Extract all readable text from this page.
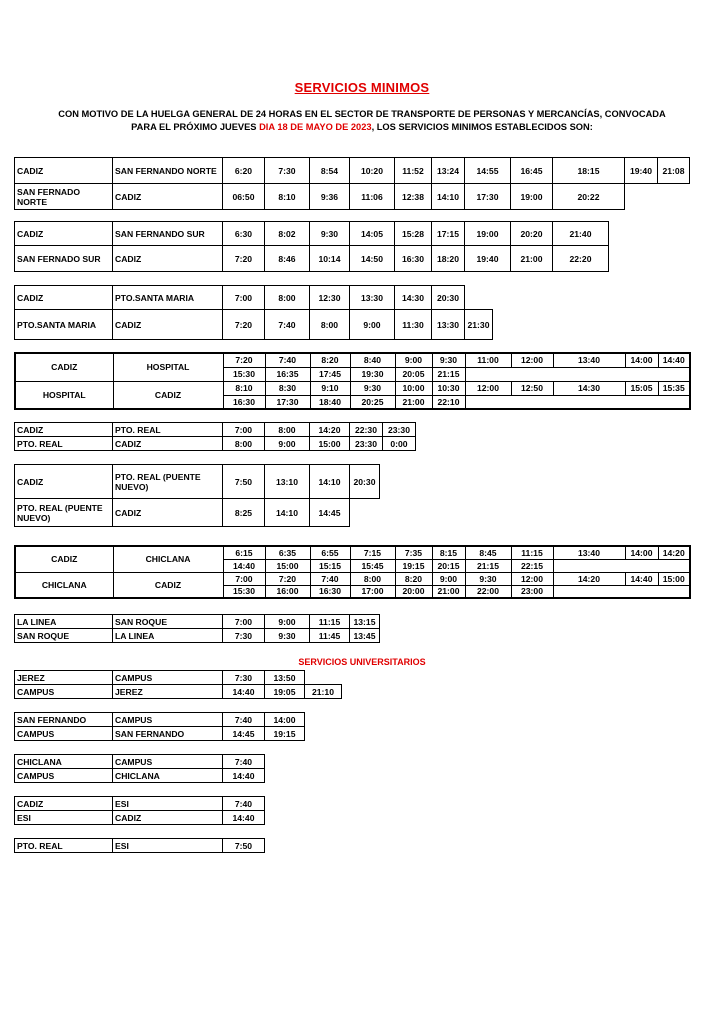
SERVICIOS MINIMOS
CON MOTIVO DE LA HUELGA GENERAL DE 24 HORAS EN EL SECTOR DE TRANSPORTE DE PERSONAS Y MERCANCÍAS, CONVOCADA
PARA EL PRÓXIMO JUEVES DIA 18 DE MAYO DE 2023, LOS SERVICIOS MINIMOS ESTABLECIDOS SON:
CADIZ	SAN FERNANDO NORTE	6:20	7:30	8:54	10:20	11:52	13:24	14:55	16:45	18:15	19:40	21:08
SAN FERNADO NORTE	CADIZ	06:50	8:10	9:36	11:06	12:38	14:10	17:30	19:00	20:22		
CADIZ	SAN FERNANDO SUR	6:30	8:02	9:30	14:05	15:28	17:15	19:00	20:20	21:40
SAN FERNADO SUR	CADIZ	7:20	8:46	10:14	14:50	16:30	18:20	19:40	21:00	22:20
CADIZ	PTO.SANTA MARIA	7:00	8:00	12:30	13:30	14:30	20:30	
PTO.SANTA MARIA	CADIZ	7:20	7:40	8:00	9:00	11:30	13:30	21:30
CADIZ	HOSPITAL	7:20	7:40	8:20	8:40	9:00	9:30	11:00	12:00	13:40	14:00	14:40
		15:30	16:35	17:45	19:30	20:05	21:15					
HOSPITAL	CADIZ	8:10	8:30	9:10	9:30	10:00	10:30	12:00	12:50	14:30	15:05	15:35
		16:30	17:30	18:40	20:25	21:00	22:10					
CADIZ	PTO. REAL	7:00	8:00	14:20	22:30	23:30
PTO. REAL	CADIZ	8:00	9:00	15:00	23:30	0:00
CADIZ	PTO. REAL (PUENTE NUEVO)	7:50	13:10	14:10	20:30
PTO. REAL (PUENTE NUEVO)	CADIZ	8:25	14:10	14:45	
CADIZ	CHICLANA	6:15	6:35	6:55	7:15	7:35	8:15	8:45	11:15	13:40	14:00	14:20
		14:40	15:00	15:15	15:45	19:15	20:15	21:15	22:15			
CHICLANA	CADIZ	7:00	7:20	7:40	8:00	8:20	9:00	9:30	12:00	14:20	14:40	15:00
		15:30	16:00	16:30	17:00	20:00	21:00	22:00	23:00			
LA LINEA	SAN ROQUE	7:00	9:00	11:15	13:15
SAN ROQUE	LA LINEA	7:30	9:30	11:45	13:45
SERVICIOS UNIVERSITARIOS
JEREZ	CAMPUS	7:30	13:50	
CAMPUS	JEREZ	14:40	19:05	21:10
SAN FERNANDO	CAMPUS	7:40	14:00
CAMPUS	SAN FERNANDO	14:45	19:15
CHICLANA	CAMPUS	7:40
CAMPUS	CHICLANA	14:40
CADIZ	ESI	7:40
ESI	CADIZ	14:40
PTO. REAL	ESI	7:50
